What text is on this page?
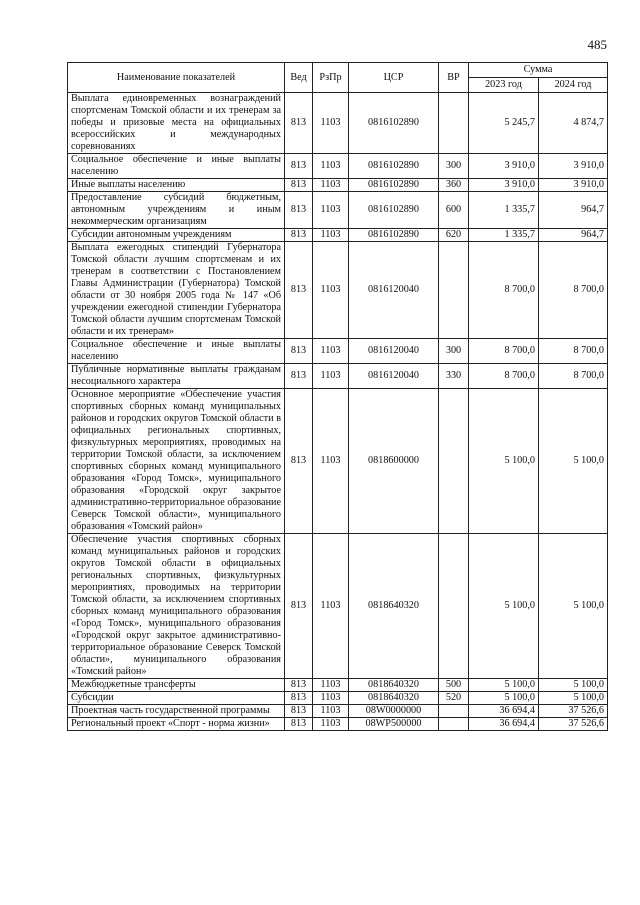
485
Наименование показателей	Вед	РзПр	ЦСР	ВР	Сумма	
					2023 год	2024 год
Выплата единовременных вознаграждений спортсменам Томской области и их тренерам за победы и призовые места на официальных всероссийских и международных соревнованиях	813	1103	0816102890		5 245,7	4 874,7
Социальное обеспечение и иные выплаты населению	813	1103	0816102890	300	3 910,0	3 910,0
Иные выплаты населению	813	1103	0816102890	360	3 910,0	3 910,0
Предоставление субсидий бюджетным, автономным учреждениям и иным некоммерческим организациям	813	1103	0816102890	600	1 335,7	964,7
Субсидии автономным учреждениям	813	1103	0816102890	620	1 335,7	964,7
Выплата ежегодных стипендий Губернатора Томской области лучшим спортсменам и их тренерам в соответствии с Постановлением Главы Администрации (Губернатора) Томской области от 30 ноября 2005 года № 147 «Об учреждении ежегодной стипендии Губернатора Томской области лучшим спортсменам Томской области и их тренерам»	813	1103	0816120040		8 700,0	8 700,0
Социальное обеспечение и иные выплаты населению	813	1103	0816120040	300	8 700,0	8 700,0
Публичные нормативные выплаты гражданам несоциального характера	813	1103	0816120040	330	8 700,0	8 700,0
Основное мероприятие «Обеспечение участия спортивных сборных команд муниципальных районов и городских округов Томской области в официальных региональных спортивных, физкультурных мероприятиях, проводимых на территории Томской области, за исключением спортивных сборных команд муниципального образования «Город Томск», муниципального образования «Городской округ закрытое административно-территориальное образование Северск Томской области», муниципального образования «Томский район»	813	1103	0818600000		5 100,0	5 100,0
Обеспечение участия спортивных сборных команд муниципальных районов и городских округов Томской области в официальных региональных спортивных, физкультурных мероприятиях, проводимых на территории Томской области, за исключением спортивных сборных команд муниципального образования «Город Томск», муниципального образования «Городской округ закрытое административно-территориальное образование Северск Томской области», муниципального образования «Томский район»	813	1103	0818640320		5 100,0	5 100,0
Межбюджетные трансферты	813	1103	0818640320	500	5 100,0	5 100,0
Субсидии	813	1103	0818640320	520	5 100,0	5 100,0
Проектная часть государственной программы	813	1103	08W0000000		36 694,4	37 526,6
Региональный проект «Спорт - норма жизни»	813	1103	08WP500000		36 694,4	37 526,6
